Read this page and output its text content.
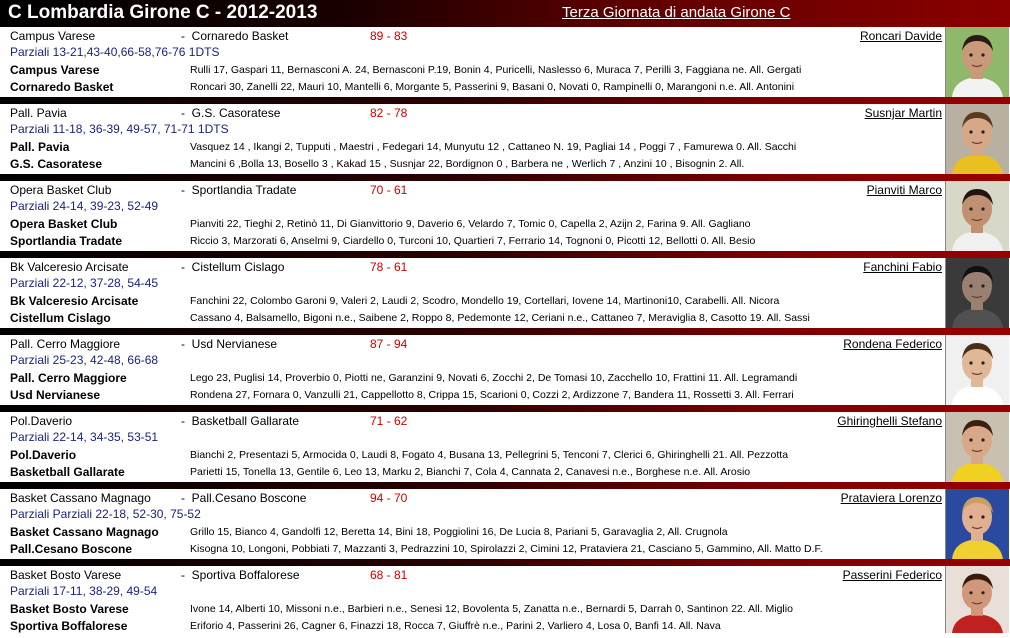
C Lombardia Girone C - 2012-2013	Terza Giornata di andata Girone C
Campus Varese	-  Cornaredo Basket	89 - 83
Parziali 13-21,43-40,66-58,76-76 1DTS
Campus Varese	Rulli 17, Gaspari 11, Bernasconi A. 24, Bernasconi P.19, Bonin 4, Puricelli, Naslesso 6, Muraca 7, Perilli 3, Faggiana ne. All. Gergati
Cornaredo Basket	Roncari 30, Zanelli 22, Mauri 10, Mantelli 6, Morgante 5, Passerini 9, Basani 0, Novati 0, Rampinelli 0, Marangoni n.e. All. Antonini
Roncari Davide
Pall. Pavia	-  G.S. Casoratese	82 - 78
Parziali 11-18, 36-39, 49-57, 71-71 1DTS
Pall. Pavia	Vasquez 14 , Ikangi 2, Tupputi , Maestri , Fedegari 14, Munyutu 12 , Cattaneo N. 19, Pagliai 14 , Poggi 7 , Famurewa 0. All. Sacchi
G.S. Casoratese	Mancini 6 ,Bolla 13, Bosello 3 , Kakad 15 , Susnjar 22, Bordignon 0 , Barbera ne , Werlich 7 , Anzini 10 , Bisognin 2. All.
Susnjar Martin
Opera Basket Club	-  Sportlandia Tradate	70 - 61
Parziali 24-14, 39-23, 52-49
Opera Basket Club	Pianviti 22, Tieghi 2, Retinò 11, Di Gianvittorio 9, Daverio 6, Velardo 7, Tomic 0, Capella 2, Azijn 2, Farina 9. All. Gagliano
Sportlandia Tradate	Riccio 3, Marzorati 6, Anselmi 9, Ciardello 0, Turconi 10, Quartieri 7, Ferrario 14, Tognoni 0, Picotti 12, Bellotti 0. All. Besio
Pianviti Marco
Bk Valceresio Arcisate	-  Cistellum Cislago	78 - 61
Parziali 22-12, 37-28, 54-45
Bk Valceresio Arcisate	Fanchini 22, Colombo Garoni 9, Valeri 2, Laudi 2, Scodro, Mondello 19, Cortellari, Iovene 14, Martinoni10, Carabelli. All. Nicora
Cistellum Cislago	Cassano 4, Balsamello, Bigoni n.e., Saibene 2, Roppo 8, Pedemonte 12, Ceriani n.e., Cattaneo 7, Meraviglia 8, Casotto 19. All. Sassi
Fanchini Fabio
Pall. Cerro Maggiore	-  Usd Nervianese	87 - 94
Parziali 25-23, 42-48, 66-68
Pall. Cerro Maggiore	Lego 23, Puglisi 14, Proverbio 0, Piotti ne, Garanzini 9, Novati 6, Zocchi 2, De Tomasi 10, Zacchello 10, Frattini 11. All. Legramandi
Usd Nervianese	Rondena 27, Fornara 0, Vanzulli 21, Cappellotto 8, Crippa 15, Scarioni 0, Cozzi 2, Ardizzone 7, Bandera 11, Rossetti 3. All. Ferrari
Rondena Federico
Pol.Daverio	-  Basketball Gallarate	71 - 62
Parziali 22-14, 34-35, 53-51
Pol.Daverio	Bianchi 2, Presentazi 5, Armocida 0, Laudi 8, Fogato 4, Busana 13, Pellegrini 5, Tenconi 7, Clerici 6, Ghiringhelli 21. All. Pezzotta
Basketball Gallarate	Parietti 15, Tonella 13, Gentile 6, Leo 13, Marku 2, Bianchi 7, Cola 4, Cannata 2, Canavesi n.e., Borghese n.e. All. Arosio
Ghiringhelli Stefano
Basket Cassano Magnago	-  Pall.Cesano Boscone	94 - 70
Parziali Parziali 22-18, 52-30, 75-52
Basket Cassano Magnago	Grillo 15, Bianco 4, Gandolfi 12, Beretta 14, Bini 18, Poggiolini 16, De Lucia 8, Pariani 5, Garavaglia 2, All. Crugnola
Pall.Cesano Boscone	Kisogna 10, Longoni, Pobbiati 7, Mazzanti 3, Pedrazzini 10, Spirolazzi 2, Cimini 12, Prataviera 21, Casciano 5, Gammino, All. Matto D.F.
Prataviera Lorenzo
Basket Bosto Varese	-  Sportiva Boffalorese	68 - 81
Parziali 17-11, 38-29, 49-54
Basket Bosto Varese	Ivone 14, Alberti 10, Missoni n.e., Barbieri n.e., Senesi 12, Bovolenta 5, Zanatta n.e., Bernardi 5, Darrah 0, Santinon 22. All. Miglio
Sportiva Boffalorese	Eriforio 4, Passerini 26, Cagner 6, Finazzi 18, Rocca 7, Giuffrè n.e., Parini 2, Varliero 4, Losa 0, Banfi 14. All. Nava
Passerini Federico
